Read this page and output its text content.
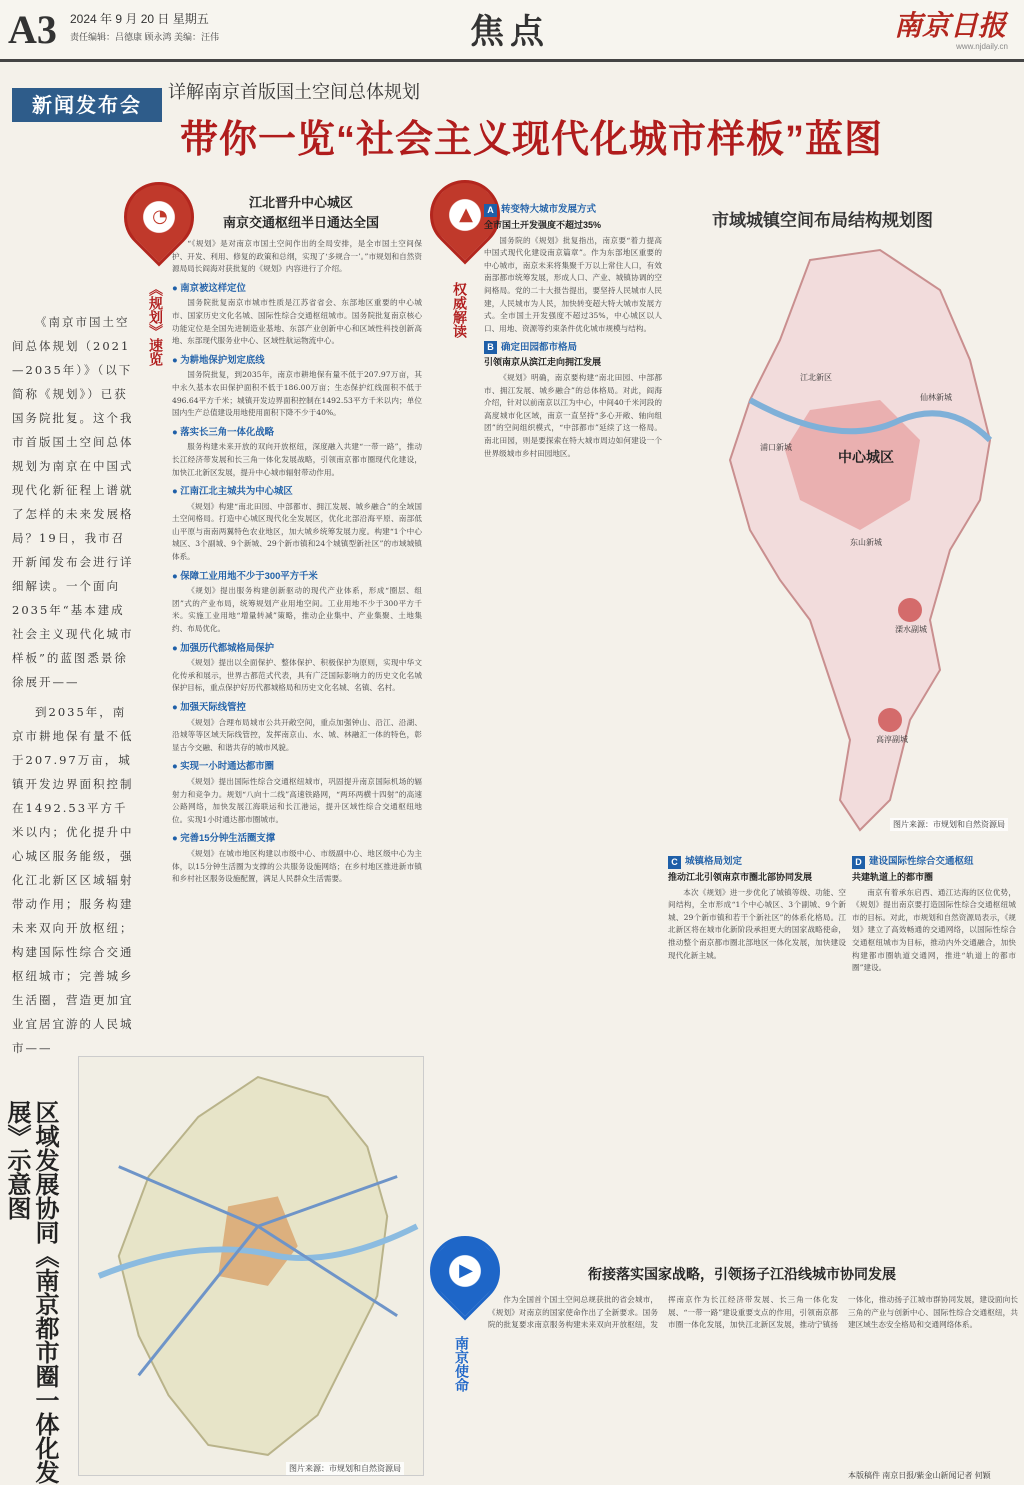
A3 2024 年 9 月 20 日 星期五
责任编辑：吕德康 顾永鸿 美编：汪伟	焦点	南京日报
www.njdaily.cn
新闻发布会
详解南京首版国土空间总体规划
带你一览“社会主义现代化城市样板”蓝图

《南京市国土空间总体规划（2021—2035年）》（以下简称《规划》）已获国务院批复。这个我市首版国土空间总体规划为南京在中国式现代化新征程上谱就了怎样的未来发展格局？19日，我市召开新闻发布会进行详细解读。一个面向2035年“基本建成社会主义现代化城市样板”的蓝图悉景徐徐展开——

到2035年，南京市耕地保有量不低于207.97万亩，城镇开发边界面积控制在1492.53平方千米以内；优化提升中心城区服务能级，强化江北新区区域辐射带动作用；服务构建未来双向开放枢纽；构建国际性综合交通枢纽城市；完善城乡生活圈，营造更加宜业宜居宜游的人民城市——

区域发展协同《南京都市圈一体化发展》示意图
◔
《规划》速览
江北晋升中心城区
南京交通枢纽半日通达全国

“《规划》是对南京市国土空间作出的全局安排，是全市国土空间保护、开发、利用、修复的政策和总纲，实现了‘多规合一’。”市规划和自然资源局局长阎海对获批复的《规划》内容进行了介绍。

● 南京被这样定位

国务院批复南京市城市性质是江苏省省会、东部地区重要的中心城市、国家历史文化名城、国际性综合交通枢纽城市。国务院批复南京核心功能定位是全国先进制造业基地、东部产业创新中心和区域性科技创新高地、东部现代服务业中心、区域性航运物流中心。

● 为耕地保护划定底线

国务院批复，到2035年，南京市耕地保有量不低于207.97万亩，其中永久基本农田保护面积不低于186.00万亩；生态保护红线面积不低于496.64平方千米；城镇开发边界面积控制在1492.53平方千米以内；单位国内生产总值建设用地使用面积下降不少于40%。

● 落实长三角一体化战略

服务构建未来开放的双向开放枢纽，深度融入共建“一带一路”，推动长江经济带发展和长三角一体化发展战略，引领南京都市圈现代化建设，加快江北新区发展，提升中心城市辐射带动作用。

● 江南江北主城共为中心城区

《规划》构建“南北田园、中部都市、拥江发展、城乡融合”的全域国土空间格局。打造中心城区现代化全发展区，优化北部沿海平原、南部低山平原与南南两翼特色农业地区，加大城乡统筹发展力度。构建“1个中心城区、3个副城、9个新城、29个新市镇和24个城镇型新社区”的市域城镇体系。

● 保障工业用地不少于300平方千米

《规划》提出服务构建创新驱动的现代产业体系，形成“圈层、组团”式的产业布局，统筹规划产业用地空间。工业用地不少于300平方千米。实施工业用地“增量转减”策略，推动企业集中、产业集聚、土地集约、布局优化。

● 加强历代都城格局保护

《规划》提出以全面保护、整体保护、积极保护为原则，实现中华文化传承和展示，世界古都范式代表，具有广泛国际影响力的历史文化名城保护目标，重点保护好历代都城格局和历史文化名城、名镇、名村。

● 加强天际线管控

《规划》合理布局城市公共开敞空间，重点加强钟山、沿江、沿湖、沿城等等区域天际线管控，发挥南京山、水、城、林融汇一体的特色，彰显古今交融、和谐共存的城市风貌。

● 实现一小时通达都市圈

《规划》提出国际性综合交通枢纽城市，巩固提升南京国际机场的辐射力和竞争力。规划“八向十二线”高速铁路网，“两环两横十四射”的高速公路网络，加快发展江海联运和长江港运，提升区域性综合交通枢纽地位。实现1小时通达都市圈城市。

● 完善15分钟生活圈支撑

《规划》在城市地区构建以市级中心、市级副中心、地区级中心为主体，以15分钟生活圈为支撑的公共服务设施网络；在乡村地区推进新市镇和乡村社区服务设施配置，满足人民群众生活需要。

▲
权威解读
A 转变特大城市发展方式
全市国土开发强度不超过35%

国务院的《规划》批复指出，南京要“着力提高中国式现代化建设南京篇章”。作为东部地区重要的中心城市，南京未来将集聚千万以上常住人口，有效南部都市统筹发展，形成人口、产业、城镇协调的空间格局。党的二十大报告提出，要坚持人民城市人民建，人民城市为人民，加快转变超大特大城市发展方式。全市国土开发强度不超过35%，中心城区以人口、用地、资源等约束条件优化城市规模与结构。

B 确定田园都市格局
引领南京从滨江走向拥江发展

《规划》明确，南京要构建“南北田园、中部都市、拥江发展、城乡融合”的总体格局。对此，阎海介绍，针对以前南京以江为中心，中间40千米河段的高度城市化区域，南京一直坚持“多心开敞、轴向组团”的空间组织模式，“中部都市”延续了这一格局。南北田园，则是要探索在特大城市周边如何建设一个世界级城市乡村田园地区。

C 城镇格局划定
推动江北引领南京市圈北部协同发展

本次《规划》进一步优化了城镇等级、功能、空间结构，全市形成“1个中心城区、3个副城、9个新城、29个新市镇和若干个新社区”的体系化格局。江北新区将在城市化新阶段承担更大的国家战略使命，推动整个南京都市圈北部地区一体化发展，加快建设现代化新主城。

D 建设国际性综合交通枢纽
共建轨道上的都市圈

南京有着承东启西、通江达海的区位优势，《规划》提出南京要打造国际性综合交通枢纽城市的目标。对此，市规划和自然资源局表示，《规划》建立了高效畅通的交通网络，以国际性综合交通枢纽城市为目标，推动内外交通融合，加快构建都市圈轨道交通网，推进“轨道上的都市圈”建设。

市域城镇空间布局结构规划图
中心城区
江北新区
浦口新城
东山新城
仙林新城
溧水副城
高淳副城
图片来源：市规划和自然资源局
图片来源：市规划和自然资源局
▶
南京使命
衔接落实国家战略，引领扬子江沿线城市协同发展

作为全国首个国土空间总规获批的省会城市，《规划》对南京的国家使命作出了全新要求。国务院的批复要求南京服务构建未来双向开放枢纽，发挥南京作为长江经济带发展、长三角一体化发展、“一带一路”建设重要支点的作用，引领南京都市圈一体化发展，加快江北新区发展，推动宁镇扬一体化，推动扬子江城市群协同发展，建设面向长三角的产业与创新中心、国际性综合交通枢纽，共建区域生态安全格局和交通网络体系。

本版稿件 南京日报/紫金山新闻记者 何颖
